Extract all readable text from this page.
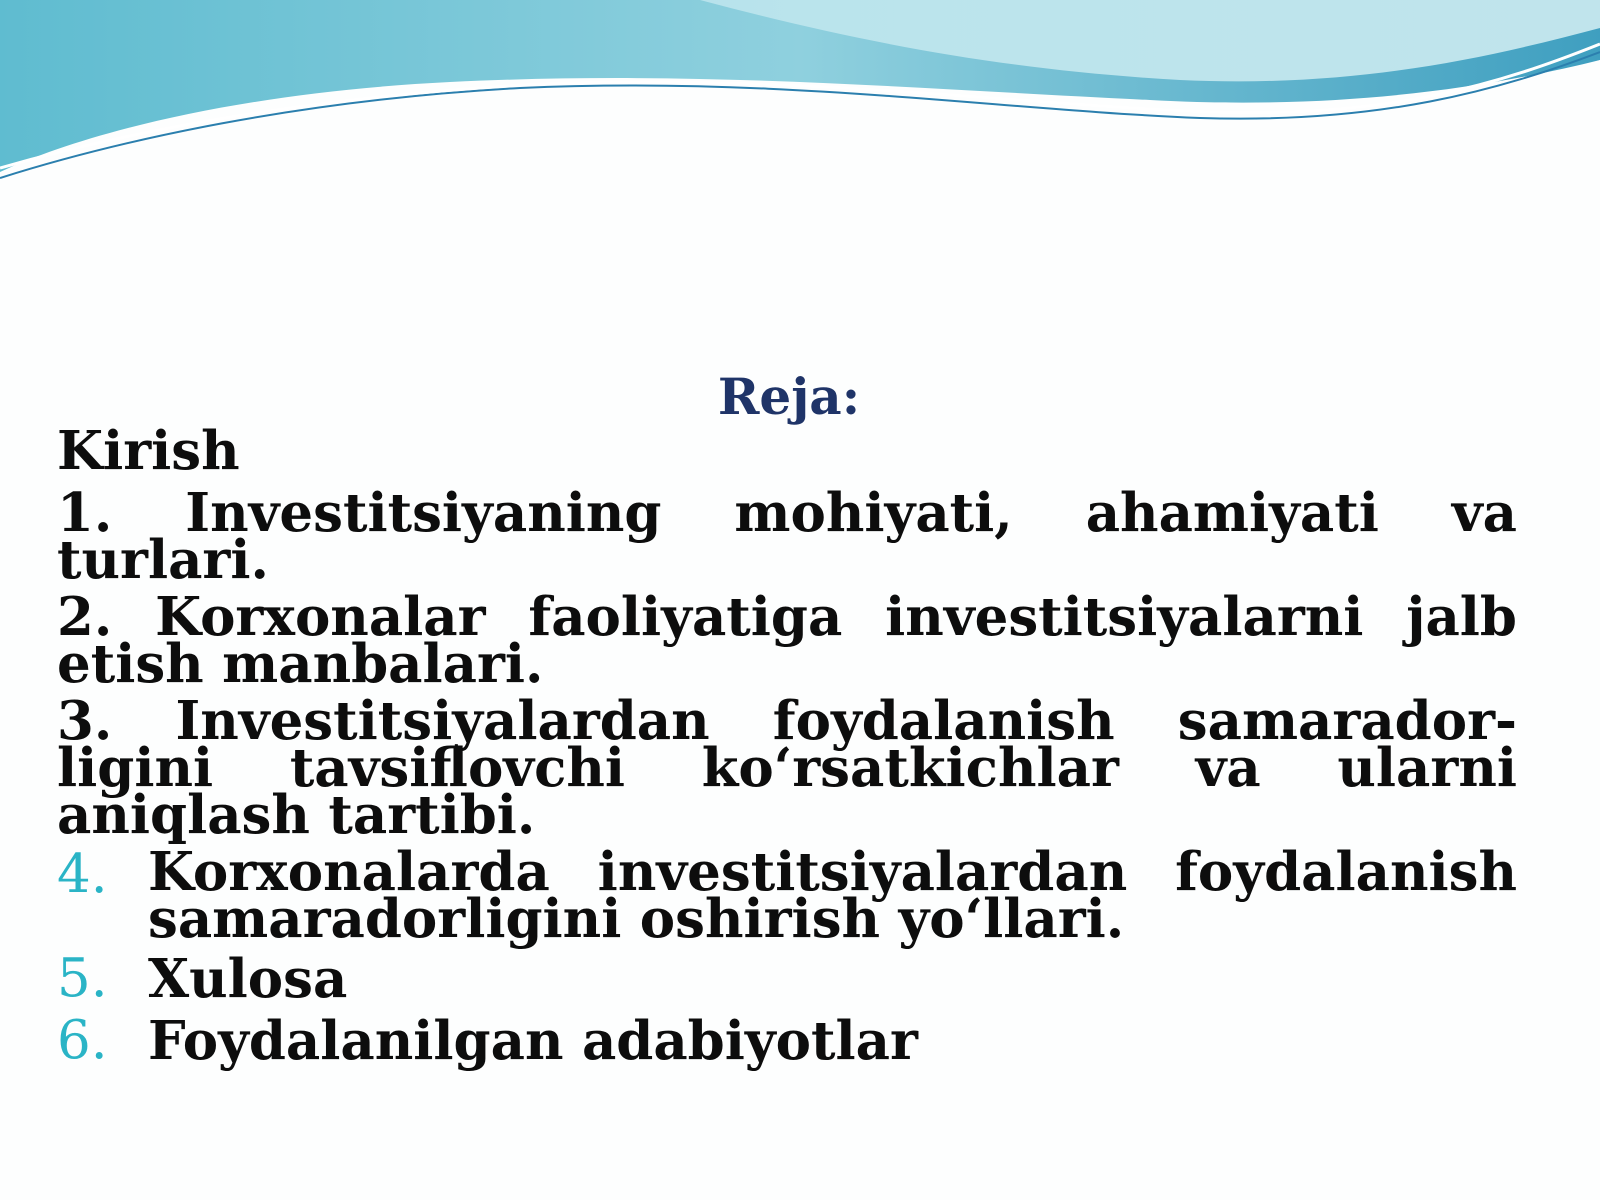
Reja:

Kirish

1. Investitsiyaning mohiyati, ahamiyati va turlari.

2. Korxonalar faoliyatiga investitsiyalarni jalb etish manbalari.

3. Investitsiyalardan foydalanish samarador-ligini tavsiflovchi ko‘rsatkichlar va ularni aniqlash tartibi.

4. Korxonalarda investitsiyalardan foydalanish samaradorligini oshirish yo‘llari.
5. Xulosa
6. Foydalanilgan adabiyotlar
